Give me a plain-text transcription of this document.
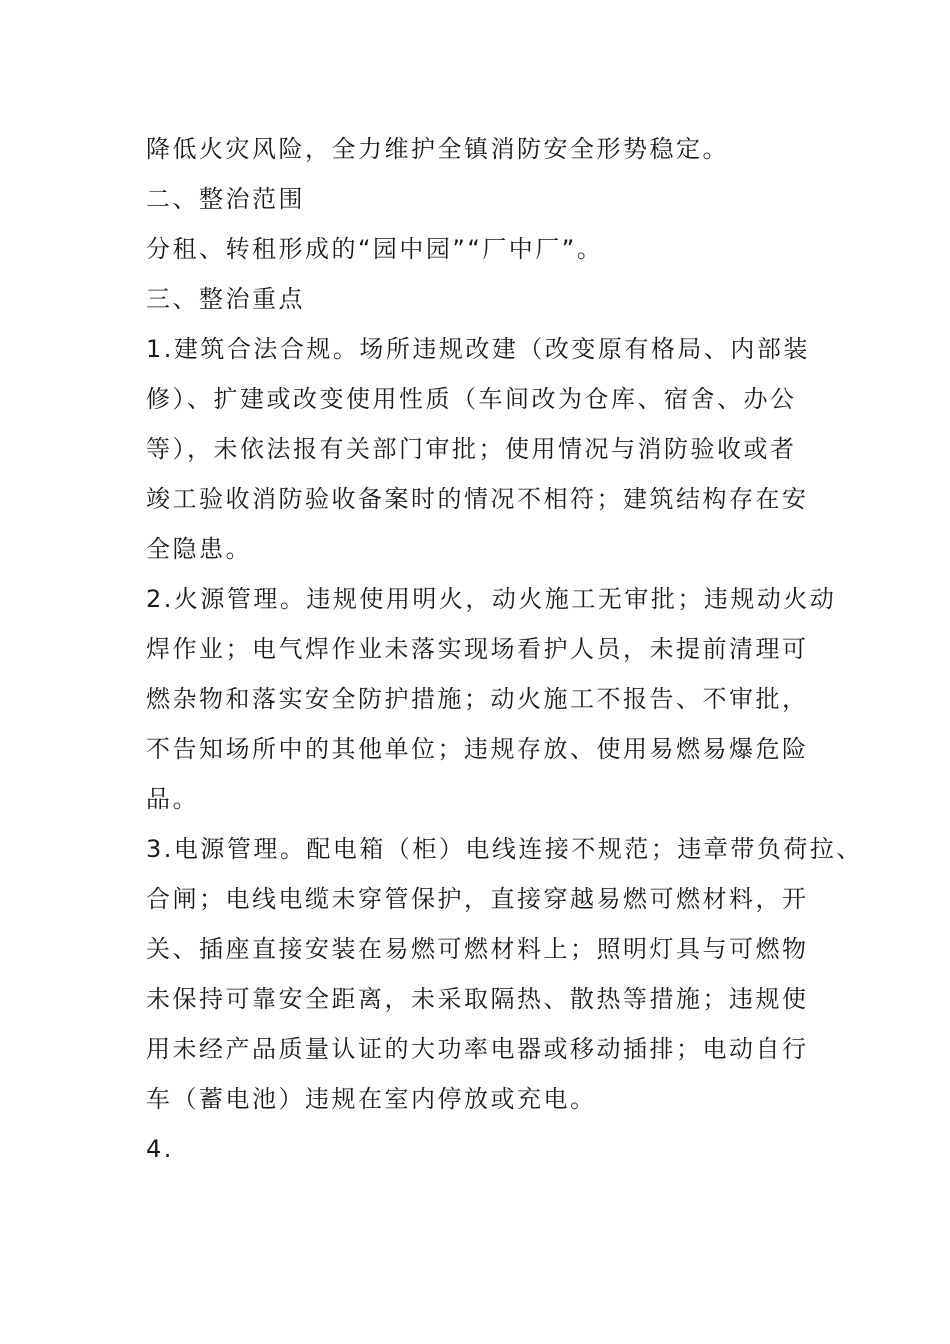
降低火灾风险，全力维护全镇消防安全形势稳定。

二、整治范围

分租、转租形成的“园中园”“厂中厂”。

三、整治重点

1.建筑合法合规。场所违规改建（改变原有格局、内部装

修）、扩建或改变使用性质（车间改为仓库、宿舍、办公

等），未依法报有关部门审批；使用情况与消防验收或者

竣工验收消防验收备案时的情况不相符；建筑结构存在安

全隐患。

2.火源管理。违规使用明火，动火施工无审批；违规动火动

焊作业；电气焊作业未落实现场看护人员，未提前清理可

燃杂物和落实安全防护措施；动火施工不报告、不审批，

不告知场所中的其他单位；违规存放、使用易燃易爆危险

品。

3.电源管理。配电箱（柜）电线连接不规范；违章带负荷拉、

合闸；电线电缆未穿管保护，直接穿越易燃可燃材料，开

关、插座直接安装在易燃可燃材料上；照明灯具与可燃物

未保持可靠安全距离，未采取隔热、散热等措施；违规使

用未经产品质量认证的大功率电器或移动插排；电动自行

车（蓄电池）违规在室内停放或充电。

4.
